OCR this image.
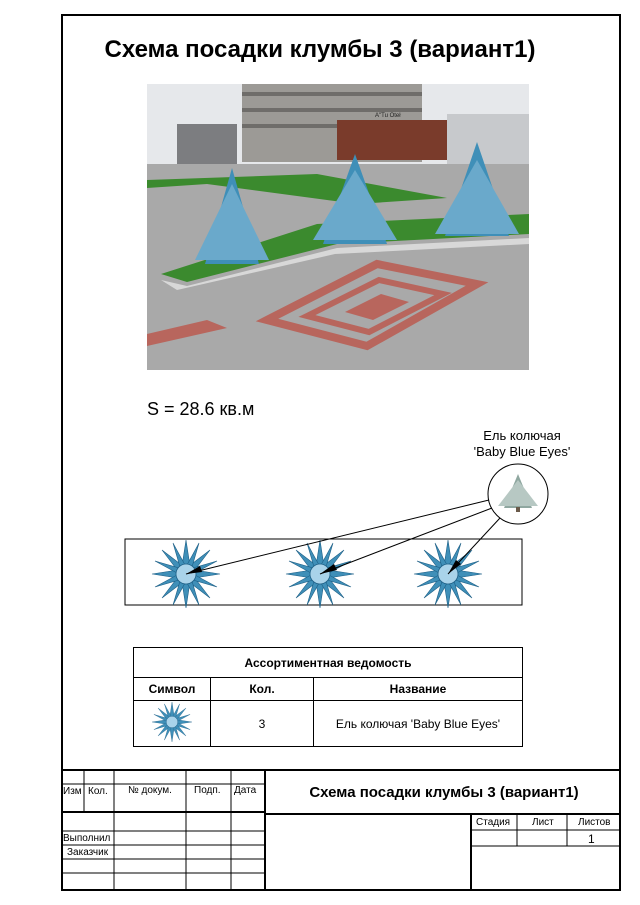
Схема посадки клумбы 3 (вариант1)
A"Tu Oteł
S = 28.6 кв.м
Ель колючая
'Baby Blue Eyes'
Ассортиментная ведомость		
Символ	Кол.	Название
	3	Ель колючая 'Baby Blue Eyes'
Изм Кол. № докум. Подп. Дата	Схема посадки клумбы 3 (вариант1)
Стадия Лист Листов
1
Выполнил
Заказчик
